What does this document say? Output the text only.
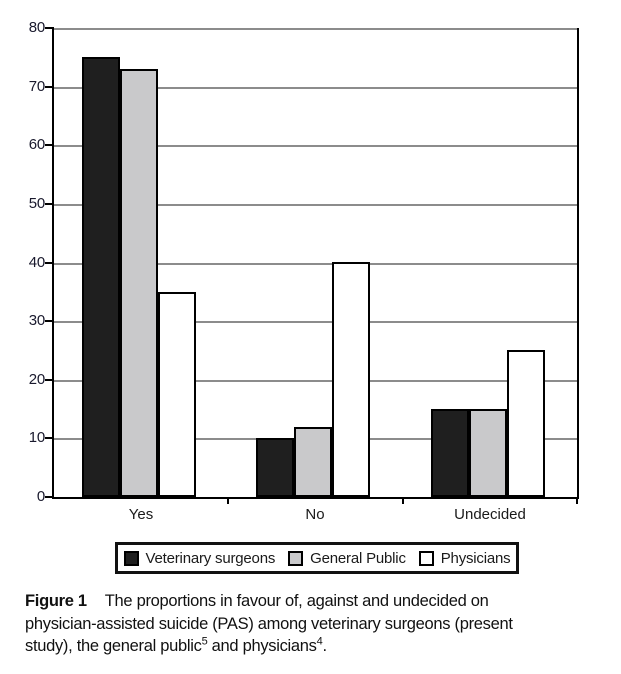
0
10
20
30
40
50
60
70
80
Yes	No	Undecided
Veterinary surgeons General Public Physicians

Figure 1 The proportions in favour of, against and undecided on
physician-assisted suicide (PAS) among veterinary surgeons (present
study), the general public$^5$ and physicians$^4$.
